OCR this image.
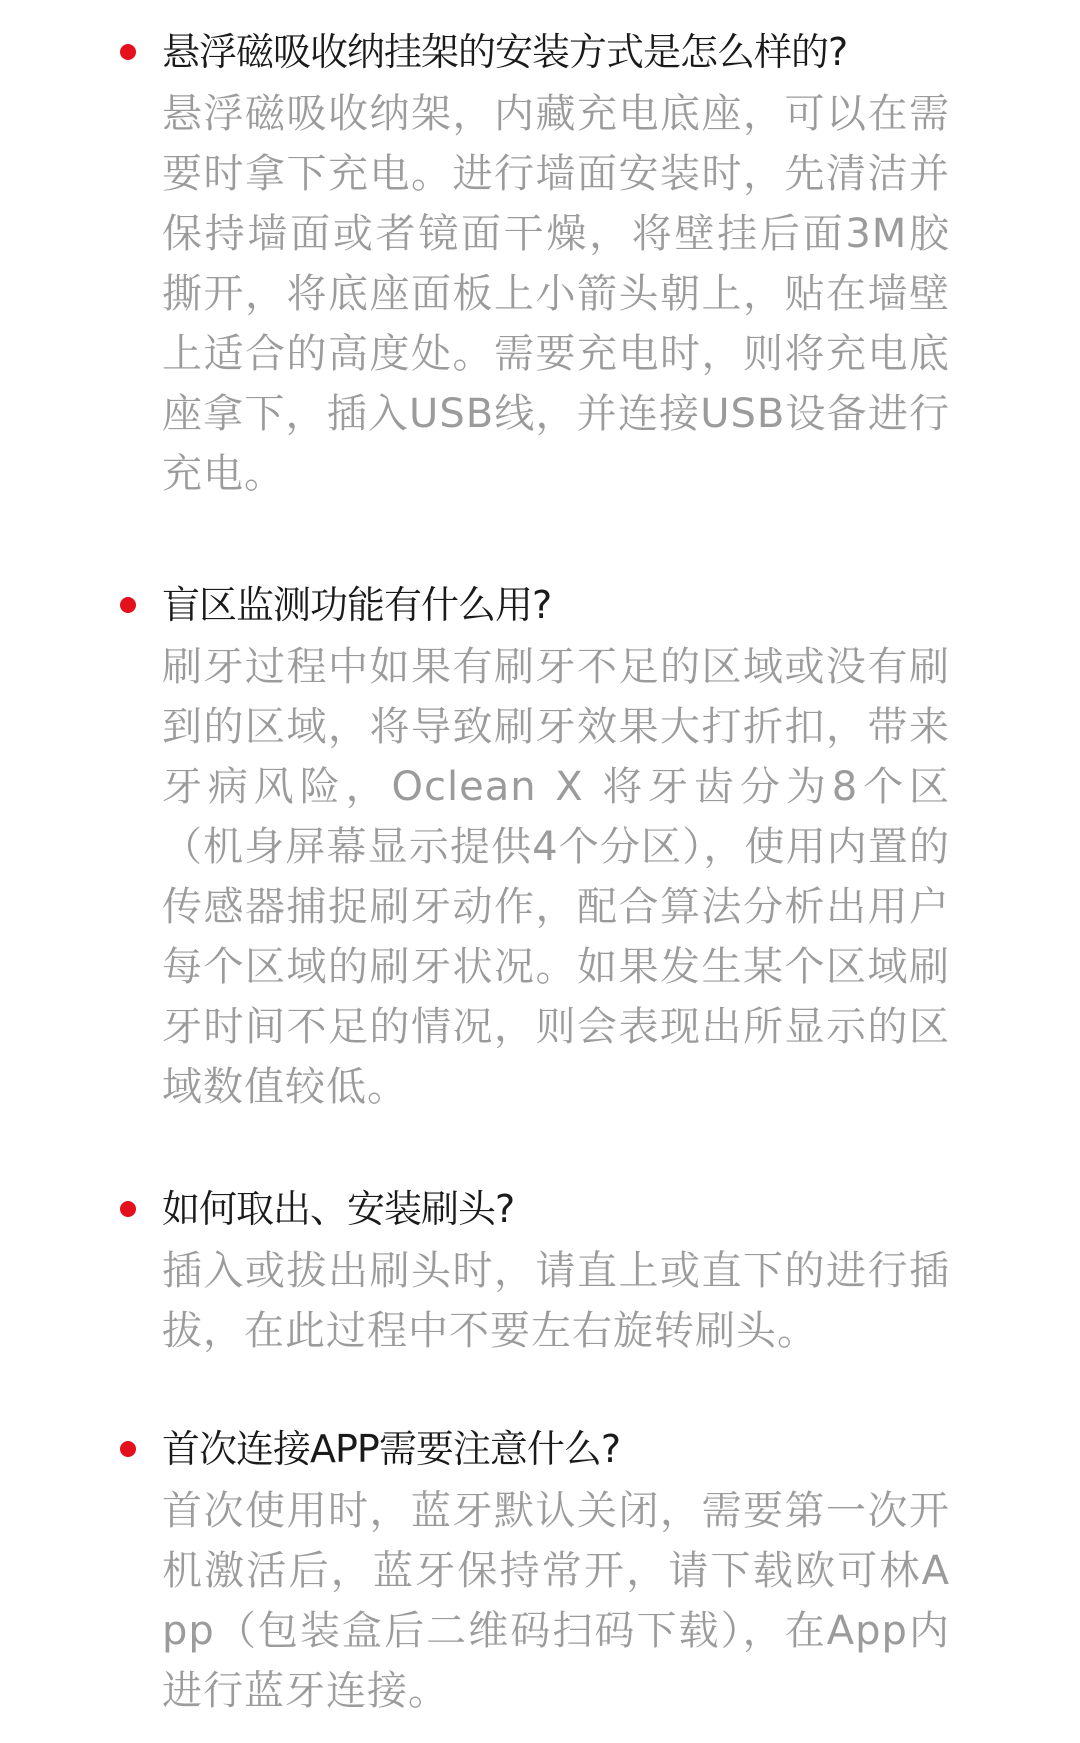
悬浮磁吸收纳挂架的安装方式是怎么样的?

悬浮磁吸收纳架，内藏充电底座，可以在需要时拿下充电。进行墙面安装时，先清洁并保持墙面或者镜面干燥，将壁挂后面3M胶撕开，将底座面板上小箭头朝上，贴在墙壁上适合的高度处。需要充电时，则将充电底座拿下，插入USB线，并连接USB设备进行充电。

盲区监测功能有什么用?

刷牙过程中如果有刷牙不足的区域或没有刷到的区域，将导致刷牙效果大打折扣，带来牙病风险，Oclean X 将牙齿分为8个区（机身屏幕显示提供4个分区），使用内置的传感器捕捉刷牙动作，配合算法分析出用户每个区域的刷牙状况。如果发生某个区域刷牙时间不足的情况，则会表现出所显示的区域数值较低。

如何取出、安装刷头?

插入或拔出刷头时，请直上或直下的进行插拔，在此过程中不要左右旋转刷头。

首次连接APP需要注意什么?

首次使用时，蓝牙默认关闭，需要第一次开机激活后，蓝牙保持常开，请下载欧可林App（包装盒后二维码扫码下载），在App内进行蓝牙连接。
